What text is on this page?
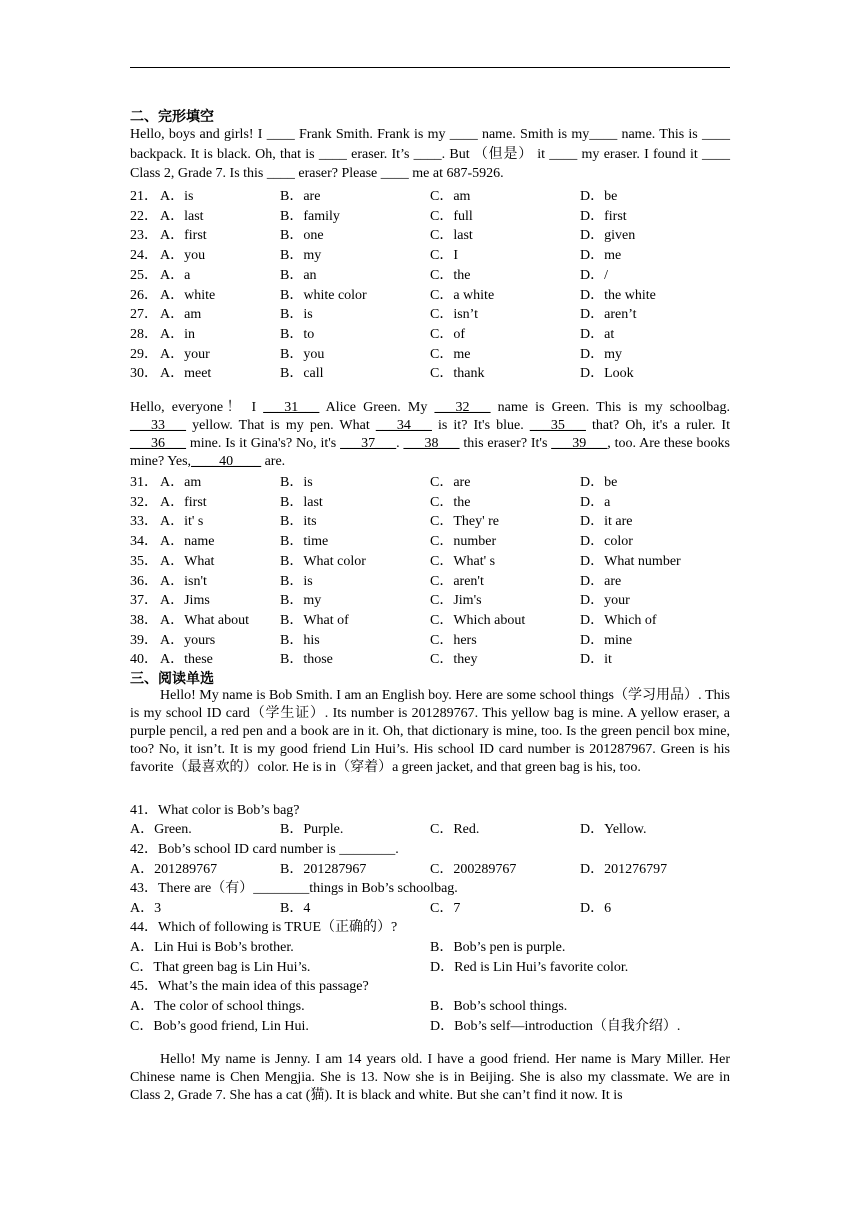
二、完形填空
Hello, boys and girls! I ____ Frank Smith. Frank is my ____ name. Smith is my____ name. This is ____ backpack. It is black. Oh, that is ____ eraser. It’s ____. But （但是） it ____ my eraser. I found it ____ Class 2, Grade 7. Is this ____ eraser? Please ____ me at 687-5926.
21． A．is	B．are	C．am	D．be
22． A．last	B．family	C．full	D．first
23． A．first	B．one	C．last	D．given
24． A．you	B．my	C．I	D．me
25． A．a	B．an	C．the	D．/
26． A．white	B．white color	C．a white	D．the white
27． A．am	B．is	C．isn’t	D．aren’t
28． A．in	B．to	C．of	D．at
29． A．your	B．you	C．me	D．my
30． A．meet	B．call	C．thank	D．Look
Hello, everyone！ I ___31___ Alice Green. My ___32___ name is Green. This is my schoolbag. ___33___ yellow. That is my pen. What ___34___ is it? It's blue. ___35___ that? Oh, it's a ruler. It ___36___ mine. Is it Gina's? No, it's ___37___. ___38___ this eraser? It's ___39___, too. Are these books mine? Yes,____40____ are.
31． A．am	B．is	C．are	D．be
32． A．first	B．last	C．the	D．a
33． A．it' s	B．its	C．They' re	D．it are
34． A．name	B．time	C．number	D．color
35． A．What	B．What color	C．What' s	D．What number
36． A．isn't	B．is	C．aren't	D．are
37． A．Jims	B．my	C．Jim's	D．your
38． A．What about B．What of	C．Which about	D．Which of
39． A．yours	B．his	C．hers	D．mine
40． A．these	B．those	C．they	D．it
三、阅读单选
Hello! My name is Bob Smith. I am an English boy. Here are some school things（学习用品）. This is my school ID card（学生证）. Its number is 201289767. This yellow bag is mine. A yellow eraser, a purple pencil, a red pen and a book are in it. Oh, that dictionary is mine, too. Is the green pencil box mine, too? No, it isn’t. It is my good friend Lin Hui’s. His school ID card number is 201287967. Green is his favorite（最喜欢的）color. He is in（穿着）a green jacket, and that green bag is his, too.
41．What color is Bob’s bag?
A．Green.	B．Purple.	C．Red.	D．Yellow.
42．Bob’s school ID card number is ________.
A．201289767	B．201287967	C．200289767	D．201276797
43．There are（有）________things in Bob’s schoolbag.
A．3	B．4	C．7	D．6
44．Which of following is TRUE（正确的）?
A．Lin Hui is Bob’s brother.	B．Bob’s pen is purple.
C．That green bag is Lin Hui’s.	D．Red is Lin Hui’s favorite color.
45．What’s the main idea of this passage?
A．The color of school things.	B．Bob’s school things.
C．Bob’s good friend, Lin Hui.	D．Bob’s self—introduction（自我介绍）.
Hello! My name is Jenny. I am 14 years old. I have a good friend. Her name is Mary Miller. Her Chinese name is Chen Mengjia. She is 13. Now she is in Beijing. She is also my classmate. We are in Class 2, Grade 7. She has a cat (猫). It is black and white. But she can’t find it now. It is
